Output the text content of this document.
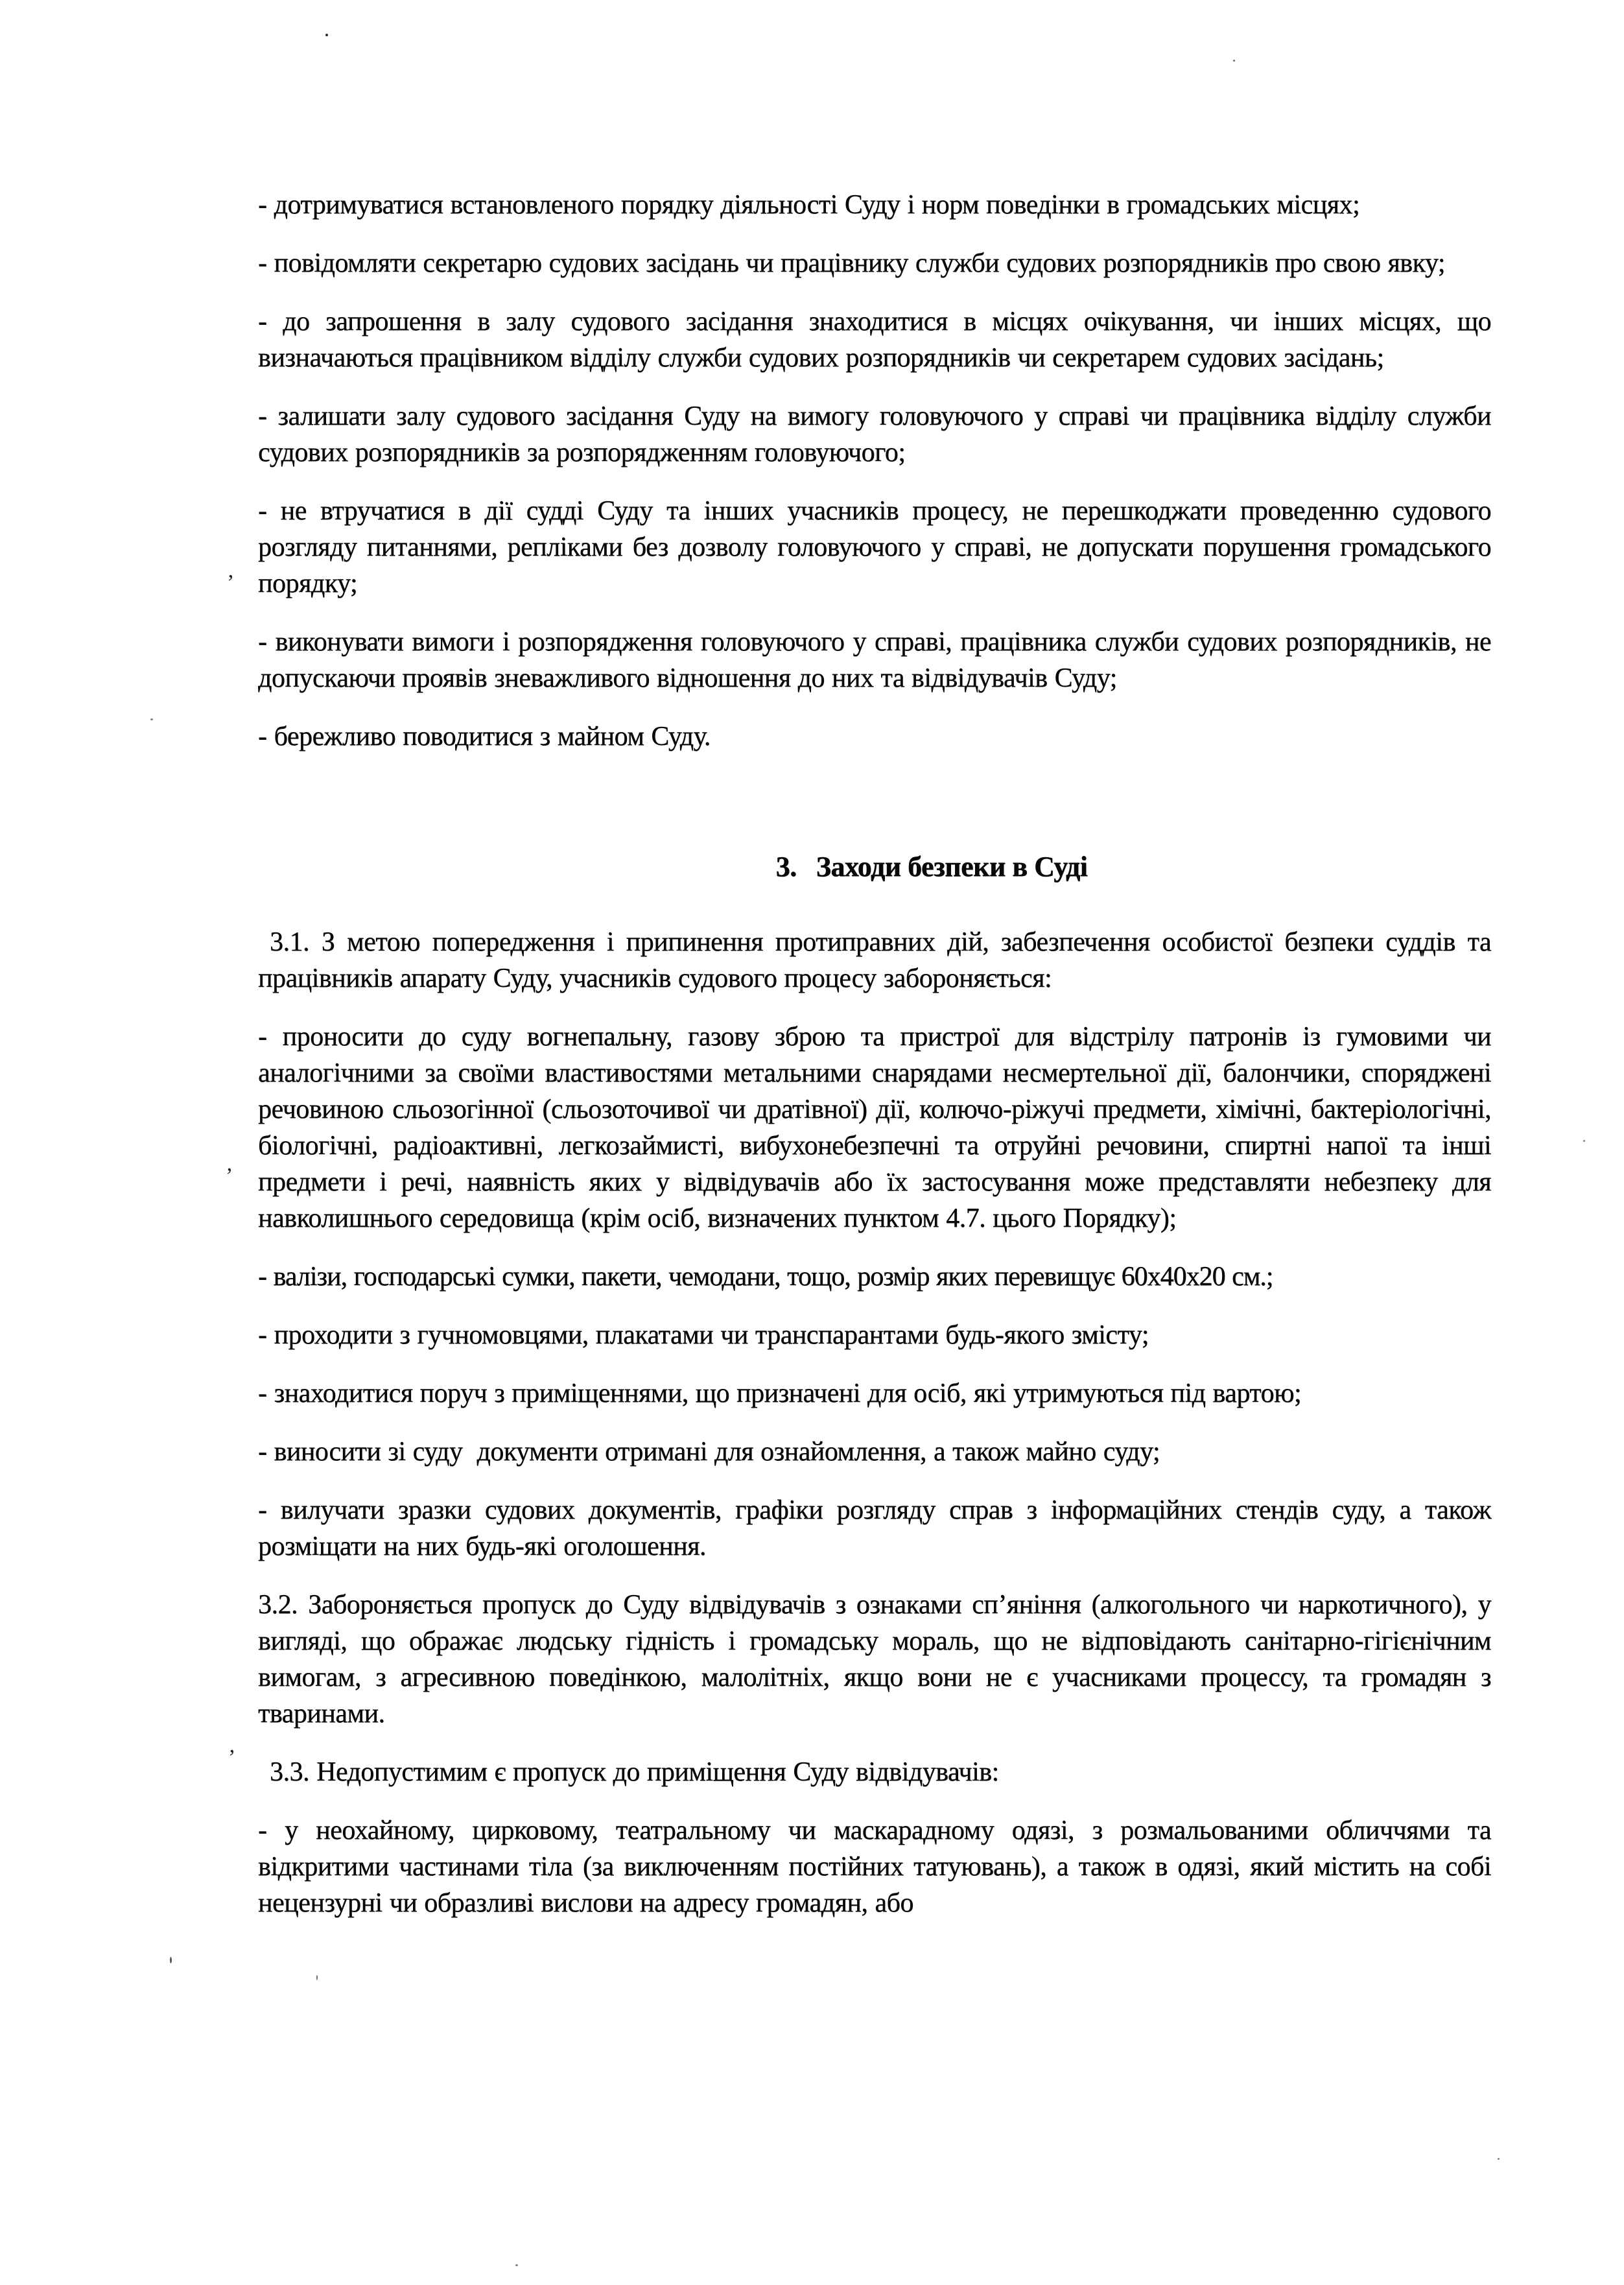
- дотримуватися встановленого порядку діяльності Суду і норм поведінки в громадських місцях;
- повідомляти секретарю судових засідань чи працівнику служби судових розпорядників про свою явку;
- до запрошення в залу судового засідання знаходитися в місцях очікування, чи інших місцях, що визначаються працівником відділу служби судових розпорядників чи секретарем судових засідань;
- залишати залу судового засідання Суду на вимогу головуючого у справі чи працівника відділу служби судових розпорядників за розпорядженням головуючого;
- не втручатися в дії судді Суду та інших учасників процесу, не перешкоджати проведенню судового розгляду питаннями, репліками без дозволу головуючого у справі, не допускати порушення громадського порядку;
- виконувати вимоги і розпорядження головуючого у справі, працівника служби судових розпорядників, не допускаючи проявів зневажливого відношення до них та відвідувачів Суду;
- бережливо поводитися з майном Суду.
3. Заходи безпеки в Суді
3.1. З метою попередження і припинення протиправних дій, забезпечення особистої безпеки суддів та працівників апарату Суду, учасників судового процесу забороняється:
- проносити до суду вогнепальну, газову зброю та пристрої для відстрілу патронів із гумовими чи аналогічними за своїми властивостями метальними снарядами несмертельної дії, балончики, споряджені речовиною сльозогінної (сльозоточивої чи дратівної) дії, колючо-ріжучі предмети, хімічні, бактеріологічні, біологічні, радіоактивні, легкозаймисті, вибухонебезпечні та отруйні речовини, спиртні напої та інші предмети і речі, наявність яких у відвідувачів або їх застосування може представляти небезпеку для навколишнього середовища (крім осіб, визначених пунктом 4.7. цього Порядку);
- валізи, господарські сумки, пакети, чемодани, тощо, розмір яких перевищує 60х40х20 см.;
- проходити з гучномовцями, плакатами чи транспарантами будь-якого змісту;
- знаходитися поруч з приміщеннями, що призначені для осіб, які утримуються під вартою;
- виносити зі суду  документи отримані для ознайомлення, а також майно суду;
- вилучати зразки судових документів, графіки розгляду справ з інформаційних стендів суду, а також розміщати на них будь-які оголошення.
3.2. Забороняється пропуск до Суду відвідувачів з ознаками сп’яніння (алкогольного чи наркотичного), у вигляді, що ображає людську гідність і громадську мораль, що не відповідають санітарно-гігієнічним вимогам, з агресивною поведінкою, малолітніх, якщо вони не є учасниками процессу, та громадян з тваринами.
3.3. Недопустимим є пропуск до приміщення Суду відвідувачів:
- у неохайному, цирковому, театральному чи маскарадному одязі, з розмальованими обличчями та відкритими частинами тіла (за виключенням постійних татуювань), а також в одязі, який містить на собі нецензурні чи образливі вислови на адресу громадян, або
’
’
’
